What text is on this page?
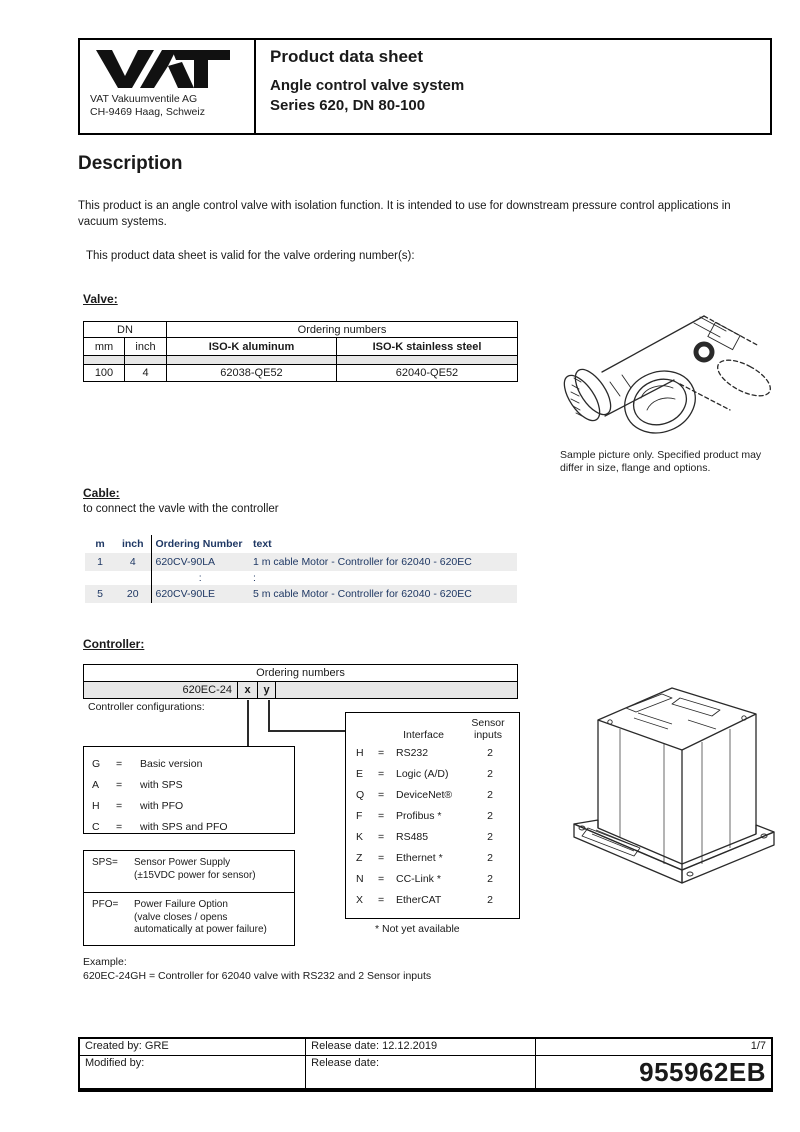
VAT Vakuumventile AG
CH-9469 Haag, Schweiz
Product data sheet
Angle control valve system
Series 620, DN 80-100
Description
This product is an angle control valve with isolation function. It is intended to use for downstream pressure control applications in vacuum systems.
This product data sheet is valid for the valve ordering number(s):
Valve:
DN		Ordering numbers	
mm	inch	ISO-K aluminum	ISO-K stainless steel

100	4	62038-QE52	62040-QE52
Sample picture only. Specified product may differ in size, flange and options.
Cable:
to connect the vavle with the controller
m	inch	Ordering Number	text
1	4	620CV-90LA	1 m cable Motor - Controller for 62040 - 620EC
		:	:
5	20	620CV-90LE	5 m cable Motor - Controller for 62040 - 620EC
Controller:
Ordering numbers
620EC-24	x	y	
Controller configurations:
G	=	Basic version
A	=	with SPS
H	=	with PFO
C	=	with SPS and PFO
SPS=	Sensor Power Supply
(±15VDC power for sensor)
PFO=	Power Failure Option
(valve closes / opens automatically at power failure)
Interface
Sensor inputs
H	=	RS232	2
E	=	Logic (A/D)	2
Q	=	DeviceNet®	2
F	=	Profibus *	2
K	=	RS485	2
Z	=	Ethernet *	2
N	=	CC-Link *	2
X	=	EtherCAT	2
* Not yet available
Example:
620EC-24GH = Controller for 62040 valve with RS232 and 2 Sensor inputs
Created by: GRE	Release date: 12.12.2019	1/7
Modified by:	Release date:	955962EB
